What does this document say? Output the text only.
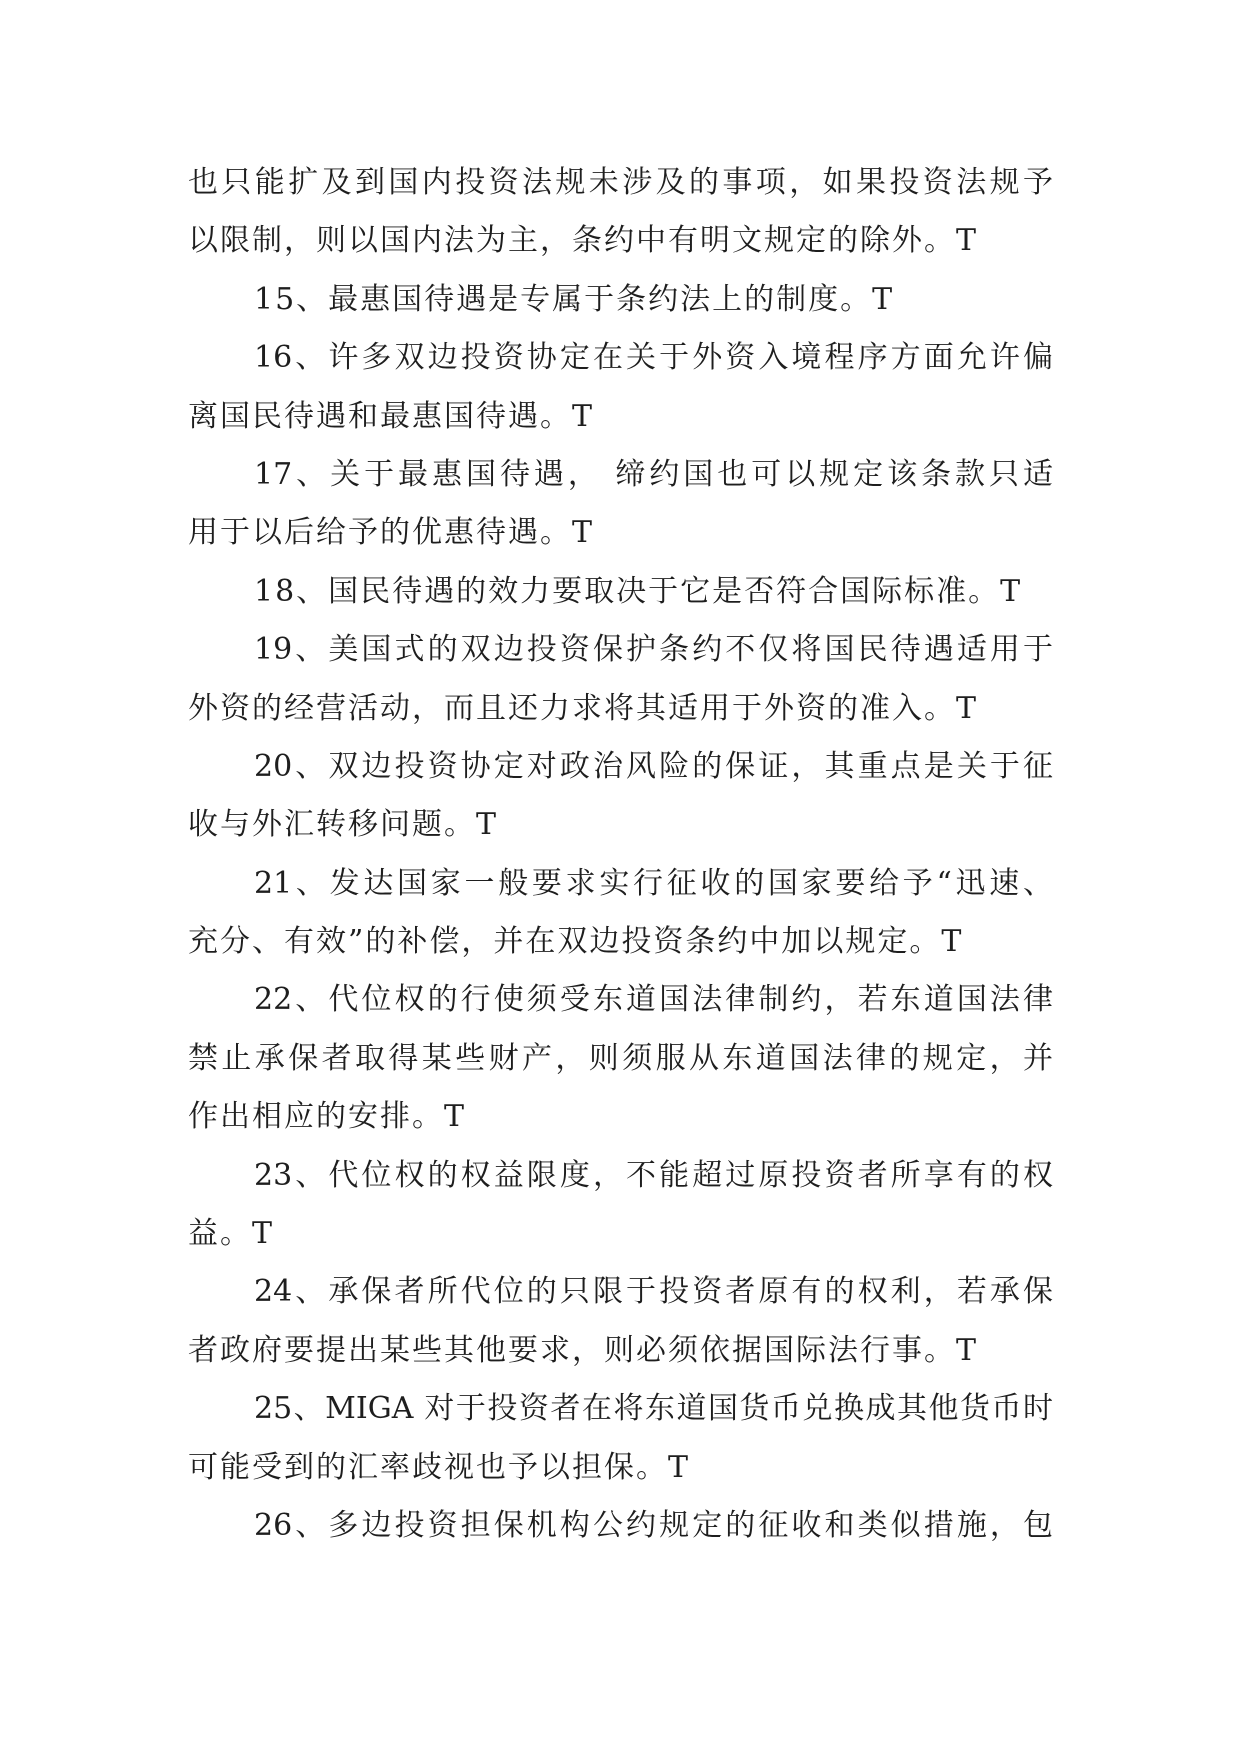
也只能扩及到国内投资法规未涉及的事项，如果投资法规予
以限制，则以国内法为主，条约中有明文规定的除外。T
15、最惠国待遇是专属于条约法上的制度。T
16、许多双边投资协定在关于外资入境程序方面允许偏
离国民待遇和最惠国待遇。T
17、关于最惠国待遇， 缔约国也可以规定该条款只适
用于以后给予的优惠待遇。T
18、国民待遇的效力要取决于它是否符合国际标准。T
19、美国式的双边投资保护条约不仅将国民待遇适用于
外资的经营活动，而且还力求将其适用于外资的准入。T
20、双边投资协定对政治风险的保证，其重点是关于征
收与外汇转移问题。T
21、发达国家一般要求实行征收的国家要给予“迅速、
充分、有效”的补偿，并在双边投资条约中加以规定。T
22、代位权的行使须受东道国法律制约，若东道国法律
禁止承保者取得某些财产，则须服从东道国法律的规定，并
作出相应的安排。T
23、代位权的权益限度，不能超过原投资者所享有的权
益。T
24、承保者所代位的只限于投资者原有的权利，若承保
者政府要提出某些其他要求，则必须依据国际法行事。T
25、MIGA 对于投资者在将东道国货币兑换成其他货币时
可能受到的汇率歧视也予以担保。T
26、多边投资担保机构公约规定的征收和类似措施，包
